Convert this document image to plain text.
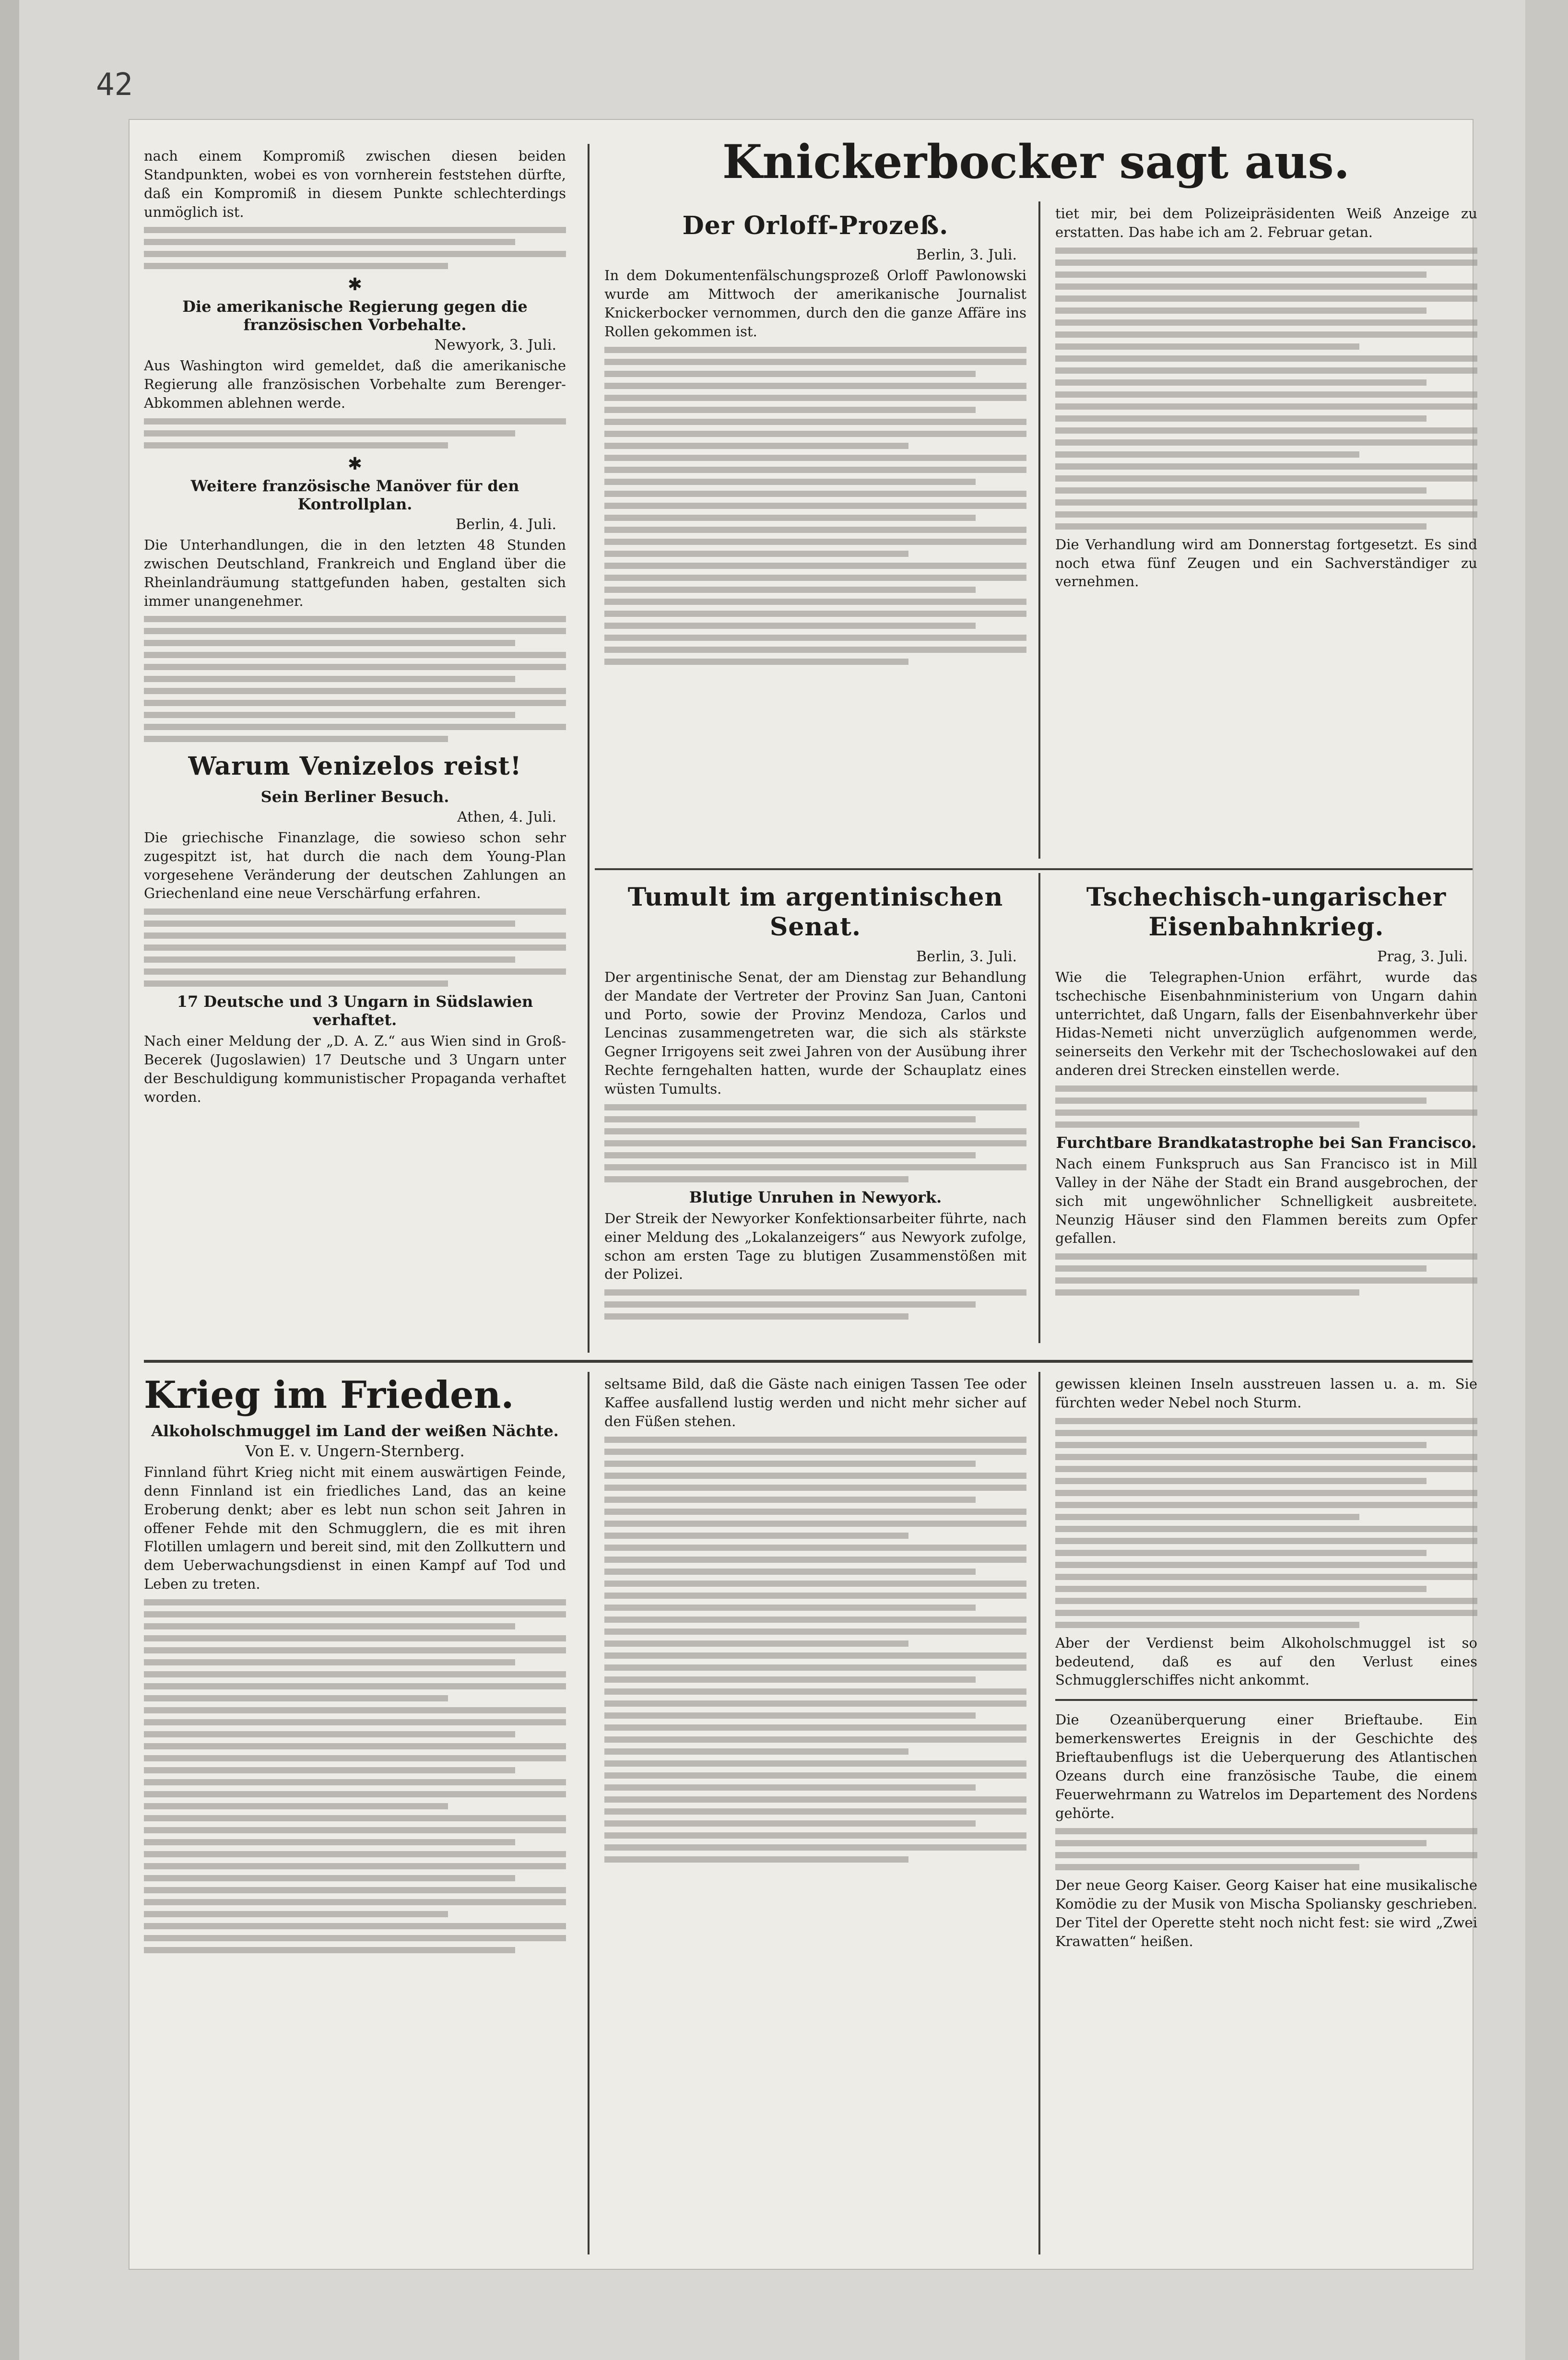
42

nach einem Kompromiß zwischen diesen beiden Standpunkten, wobei es von vornherein feststehen dürfte, daß ein Kompromiß in diesem Punkte schlechterdings unmöglich ist.

✱
Die amerikanische Regierung gegen die französischen Vorbehalte.
Newyork, 3. Juli.

Aus Washington wird gemeldet, daß die amerikanische Regierung alle französischen Vorbehalte zum Berenger-Abkommen ablehnen werde.

✱
Weitere französische Manöver für den Kontrollplan.
Berlin, 4. Juli.

Die Unterhandlungen, die in den letzten 48 Stunden zwischen Deutschland, Frankreich und England über die Rheinlandräumung stattgefunden haben, gestalten sich immer unangenehmer.

Warum Venizelos reist!
Sein Berliner Besuch.
Athen, 4. Juli.

Die griechische Finanzlage, die sowieso schon sehr zugespitzt ist, hat durch die nach dem Young-Plan vorgesehene Veränderung der deutschen Zahlungen an Griechenland eine neue Verschärfung erfahren.

17 Deutsche und 3 Ungarn in Südslawien verhaftet.

Nach einer Meldung der „D. A. Z.“ aus Wien sind in Groß-Becerek (Jugoslawien) 17 Deutsche und 3 Ungarn unter der Beschuldigung kommunistischer Propaganda verhaftet worden.

Knickerbocker sagt aus.
Der Orloff-Prozeß.
Berlin, 3. Juli.

In dem Dokumentenfälschungsprozeß Orloff Pawlonowski wurde am Mittwoch der amerikanische Journalist Knickerbocker vernommen, durch den die ganze Affäre ins Rollen gekommen ist.

tiet mir, bei dem Polizeipräsidenten Weiß Anzeige zu erstatten. Das habe ich am 2. Februar getan.

Die Verhandlung wird am Donnerstag fortgesetzt. Es sind noch etwa fünf Zeugen und ein Sachverständiger zu vernehmen.

Tumult im argentinischen Senat.
Berlin, 3. Juli.

Der argentinische Senat, der am Dienstag zur Behandlung der Mandate der Vertreter der Provinz San Juan, Cantoni und Porto, sowie der Provinz Mendoza, Carlos und Lencinas zusammengetreten war, die sich als stärkste Gegner Irrigoyens seit zwei Jahren von der Ausübung ihrer Rechte ferngehalten hatten, wurde der Schauplatz eines wüsten Tumults.

Blutige Unruhen in Newyork.

Der Streik der Newyorker Konfektionsarbeiter führte, nach einer Meldung des „Lokalanzeigers“ aus Newyork zufolge, schon am ersten Tage zu blutigen Zusammenstößen mit der Polizei.

Tschechisch-ungarischer Eisenbahnkrieg.
Prag, 3. Juli.

Wie die Telegraphen-Union erfährt, wurde das tschechische Eisenbahnministerium von Ungarn dahin unterrichtet, daß Ungarn, falls der Eisenbahnverkehr über Hidas-Nemeti nicht unverzüglich aufgenommen werde, seinerseits den Verkehr mit der Tschechoslowakei auf den anderen drei Strecken einstellen werde.

Furchtbare Brandkatastrophe bei San Francisco.

Nach einem Funkspruch aus San Francisco ist in Mill Valley in der Nähe der Stadt ein Brand ausgebrochen, der sich mit ungewöhnlicher Schnelligkeit ausbreitete. Neunzig Häuser sind den Flammen bereits zum Opfer gefallen.

Krieg im Frieden.
Alkoholschmuggel im Land der weißen Nächte.
Von E. v. Ungern-Sternberg.

Finnland führt Krieg nicht mit einem auswärtigen Feinde, denn Finnland ist ein friedliches Land, das an keine Eroberung denkt; aber es lebt nun schon seit Jahren in offener Fehde mit den Schmugglern, die es mit ihren Flotillen umlagern und bereit sind, mit den Zollkuttern und dem Ueberwachungsdienst in einen Kampf auf Tod und Leben zu treten.

seltsame Bild, daß die Gäste nach einigen Tassen Tee oder Kaffee ausfallend lustig werden und nicht mehr sicher auf den Füßen stehen.

gewissen kleinen Inseln ausstreuen lassen u. a. m. Sie fürchten weder Nebel noch Sturm.

Aber der Verdienst beim Alkoholschmuggel ist so bedeutend, daß es auf den Verlust eines Schmugglerschiffes nicht ankommt.

Die Ozeanüberquerung einer Brieftaube. Ein bemerkenswertes Ereignis in der Geschichte des Brieftaubenflugs ist die Ueberquerung des Atlantischen Ozeans durch eine französische Taube, die einem Feuerwehrmann zu Watrelos im Departement des Nordens gehörte.

Der neue Georg Kaiser. Georg Kaiser hat eine musikalische Komödie zu der Musik von Mischa Spoliansky geschrieben. Der Titel der Operette steht noch nicht fest: sie wird „Zwei Krawatten“ heißen.
